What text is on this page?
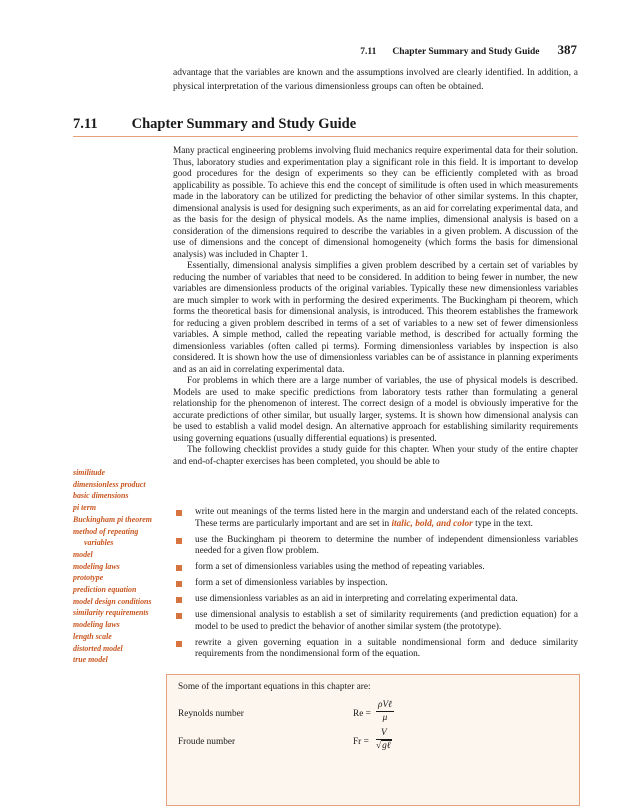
7.11 Chapter Summary and Study Guide 387
advantage that the variables are known and the assumptions involved are clearly identified. In addition, a physical interpretation of the various dimensionless groups can often be obtained.
7.11 Chapter Summary and Study Guide

Many practical engineering problems involving fluid mechanics require experimental data for their solution. Thus, laboratory studies and experimentation play a significant role in this field. It is important to develop good procedures for the design of experiments so they can be efficiently completed with as broad applicability as possible. To achieve this end the concept of similitude is often used in which measurements made in the laboratory can be utilized for predicting the behavior of other similar systems. In this chapter, dimensional analysis is used for designing such experiments, as an aid for correlating experimental data, and as the basis for the design of physical models. As the name implies, dimensional analysis is based on a consideration of the dimensions required to describe the variables in a given problem. A discussion of the use of dimensions and the concept of dimensional homogeneity (which forms the basis for dimensional analysis) was included in Chapter 1.

Essentially, dimensional analysis simplifies a given problem described by a certain set of variables by reducing the number of variables that need to be considered. In addition to being fewer in number, the new variables are dimensionless products of the original variables. Typically these new dimensionless variables are much simpler to work with in performing the desired experiments. The Buckingham pi theorem, which forms the theoretical basis for dimensional analysis, is introduced. This theorem establishes the framework for reducing a given problem described in terms of a set of variables to a new set of fewer dimensionless variables. A simple method, called the repeating variable method, is described for actually forming the dimensionless variables (often called pi terms). Forming dimensionless variables by inspection is also considered. It is shown how the use of dimensionless variables can be of assistance in planning experiments and as an aid in correlating experimental data.

For problems in which there are a large number of variables, the use of physical models is described. Models are used to make specific predictions from laboratory tests rather than formulating a general relationship for the phenomenon of interest. The correct design of a model is obviously imperative for the accurate predictions of other similar, but usually larger, systems. It is shown how dimensional analysis can be used to establish a valid model design. An alternative approach for establishing similarity requirements using governing equations (usually differential equations) is presented.

The following checklist provides a study guide for this chapter. When your study of the entire chapter and end-of-chapter exercises has been completed, you should be able to

similitude
dimensionless product
basic dimensions
pi term
Buckingham pi theorem
method of repeating
variables
model
modeling laws
prototype
prediction equation
model design conditions
similarity requirements
modeling laws
length scale
distorted model
true model
write out meanings of the terms listed here in the margin and understand each of the related concepts. These terms are particularly important and are set in italic, bold, and color type in the text.
use the Buckingham pi theorem to determine the number of independent dimensionless variables needed for a given flow problem.
form a set of dimensionless variables using the method of repeating variables.
form a set of dimensionless variables by inspection.
use dimensionless variables as an aid in interpreting and correlating experimental data.
use dimensional analysis to establish a set of similarity requirements (and prediction equation) for a model to be used to predict the behavior of another similar system (the prototype).
rewrite a given governing equation in a suitable nondimensional form and deduce similarity requirements from the nondimensional form of the equation.
Some of the important equations in this chapter are:
Reynolds number	Re =
ρVℓ
μ
Froude number	Fr =
V
√gℓ
